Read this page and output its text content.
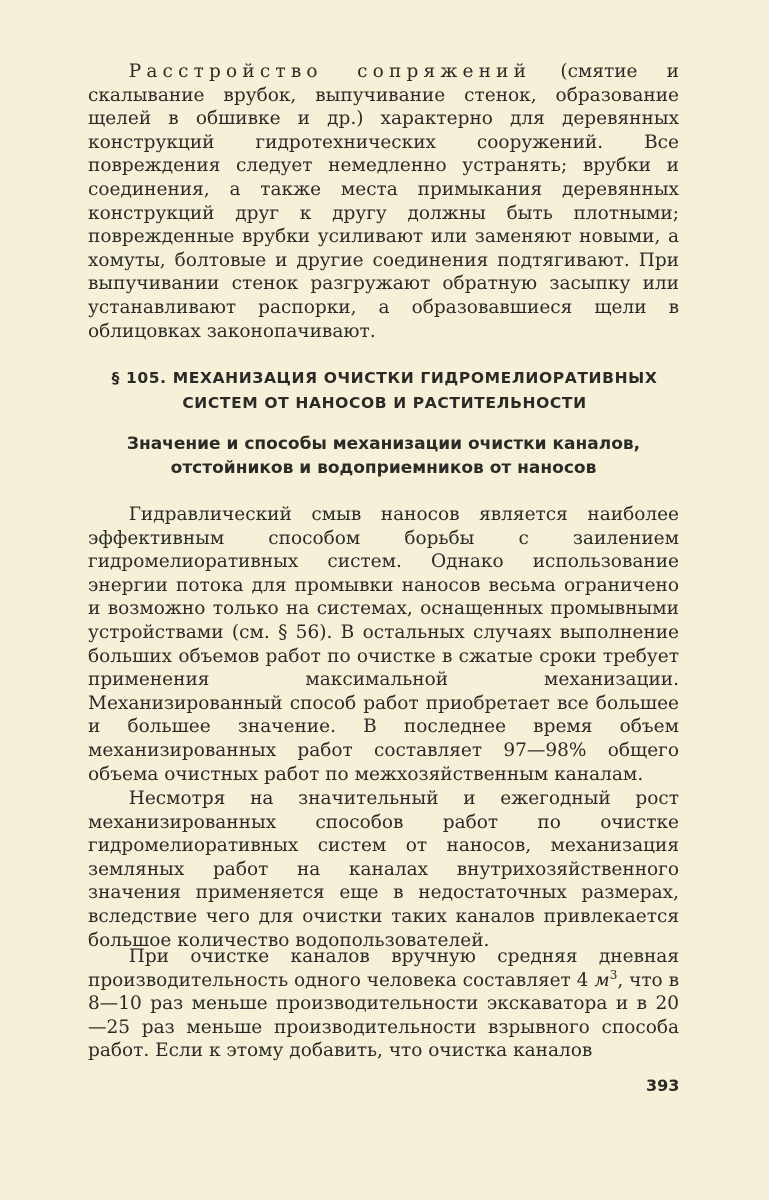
Расстройство сопряжений (смятие и скалывание врубок, выпучивание стенок, образование щелей в обшивке и др.) характерно для деревянных конструкций гидротехнических сооружений. Все повреждения следует немедленно устранять; врубки и соединения, а также места примыкания деревянных конструкций друг к другу должны быть плотными; поврежденные врубки усиливают или заменяют новыми, а хомуты, болтовые и другие соединения подтягивают. При выпучивании стенок разгружают обратную засыпку или устанавливают распорки, а образовавшиеся щели в облицовках законопачивают.

§ 105. МЕХАНИЗАЦИЯ ОЧИСТКИ ГИДРОМЕЛИОРАТИВНЫХ
СИСТЕМ ОТ НАНОСОВ И РАСТИТЕЛЬНОСТИ
Значение и способы механизации очистки каналов,
отстойников и водоприемников от наносов

Гидравлический смыв наносов является наиболее эффективным способом борьбы с заилением гидромелиоративных систем. Однако использование энергии потока для промывки наносов весьма ограничено и возможно только на системах, оснащенных промывными устройствами (см. § 56). В остальных случаях выполнение больших объемов работ по очистке в сжатые сроки требует применения максимальной механизации. Механизированный способ работ приобретает все большее и большее значение. В последнее время объем механизированных работ составляет 97—98% общего объема очистных работ по межхозяйственным каналам.

Несмотря на значительный и ежегодный рост механизированных способов работ по очистке гидромелиоративных систем от наносов, механизация земляных работ на каналах внутрихозяйственного значения применяется еще в недостаточных размерах, вследствие чего для очистки таких каналов привлекается большое количество водопользователей.

При очистке каналов вручную средняя дневная производительность одного человека составляет 4 $м^3$, что в 8—10 раз меньше производительности экскаватора и в 20—25 раз меньше производительности взрывного способа работ. Если к этому добавить, что очистка каналов

393
